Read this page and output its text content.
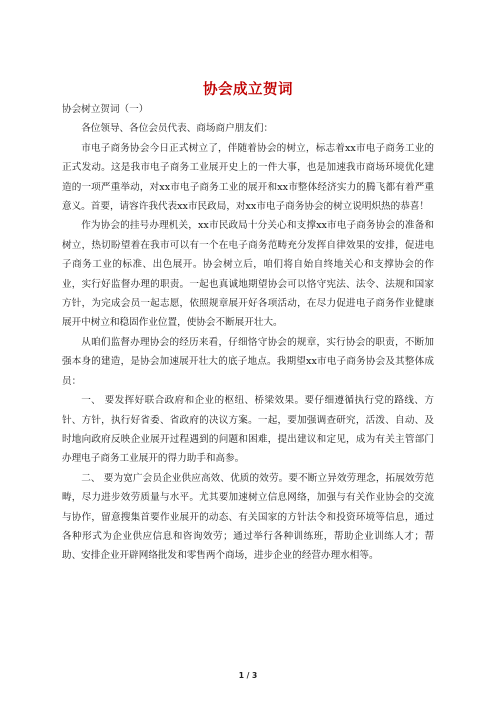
协会成立贺词

协会树立贺词（一）

各位领导、各位会员代表、商场商户朋友们：

市电子商务协会今日正式树立了，伴随着协会的树立，标志着xx市电子商务工业的正式发动。这是我市电子商务工业展开史上的一件大事，也是加速我市商场环境优化建造的一项严重举动，对xx市电子商务工业的展开和xx市整体经济实力的腾飞都有着严重意义。首要，请容许我代表xx市民政局，对xx市电子商务协会的树立说明炽热的恭喜！

作为协会的挂号办理机关，xx市民政局十分关心和支撑xx市电子商务协会的准备和树立，热切盼望着在我市可以有一个在电子商务范畴充分发挥自律效果的安排，促进电子商务工业的标准、出色展开。协会树立后，咱们将自始自终地关心和支撑协会的作业，实行好监督办理的职责。一起也真诚地期望协会可以恪守宪法、法令、法规和国家方针，为完成会员一起志愿，依照规章展开好各项活动，在尽力促进电子商务作业健康展开中树立和稳固作业位置，使协会不断展开壮大。

从咱们监督办理协会的经历来看，仔细恪守协会的规章，实行协会的职责，不断加强本身的建造，是协会加速展开壮大的底子地点。我期望xx市电子商务协会及其整体成员：

一、 要发挥好联合政府和企业的枢纽、桥梁效果。要仔细遵循执行党的路线、方针、方针，执行好省委、省政府的决议方案。一起，要加强调查研究，活泼、自动、及时地向政府反映企业展开过程遇到的问题和困难，提出建议和定见，成为有关主管部门办理电子商务工业展开的得力助手和高参。

二、 要为宽广会员企业供应高效、优质的效劳。要不断立异效劳理念，拓展效劳范畴，尽力进步效劳质量与水平。尤其要加速树立信息网络，加强与有关作业协会的交流与协作，留意搜集首要作业展开的动态、有关国家的方针法令和投资环境等信息，通过各种形式为企业供应信息和咨询效劳；通过举行各种训练班，帮助企业训练人才；帮助、安排企业开辟网络批发和零售两个商场，进步企业的经营办理水相等。

1 / 3
